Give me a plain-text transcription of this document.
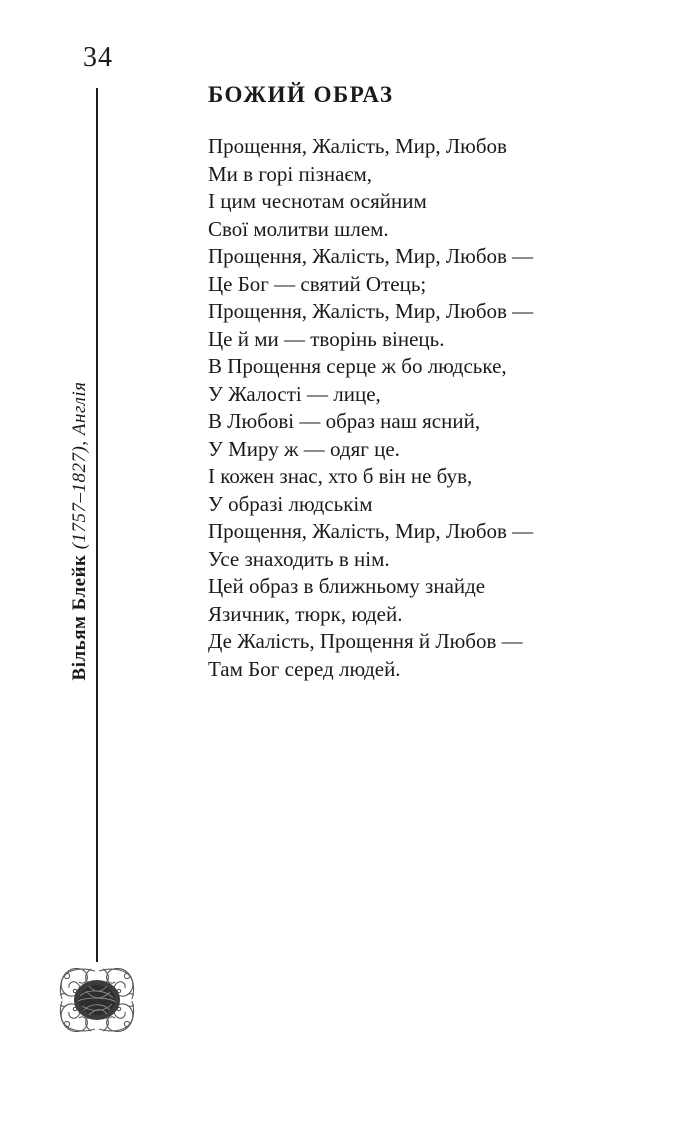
34
Вільям Блейк (1757–1827), Англія
БОЖИЙ ОБРАЗ
Прощення, Жалість, Мир, Любов
Ми в горі пізнаєм,
І цим чеснотам осяйним
Свої молитви шлем.
Прощення, Жалість, Мир, Любов —
Це Бог — святий Отець;
Прощення, Жалість, Мир, Любов —
Це й ми — творінь вінець.
В Прощення серце ж бо людське,
У Жалості — лице,
В Любові — образ наш ясний,
У Миру ж — одяг це.
І кожен знас, хто б він не був,
У образі людськім
Прощення, Жалість, Мир, Любов —
Усе знаходить в нім.
Цей образ в ближньому знайде
Язичник, тюрк, юдей.
Де Жалість, Прощення й Любов —
Там Бог серед людей.
